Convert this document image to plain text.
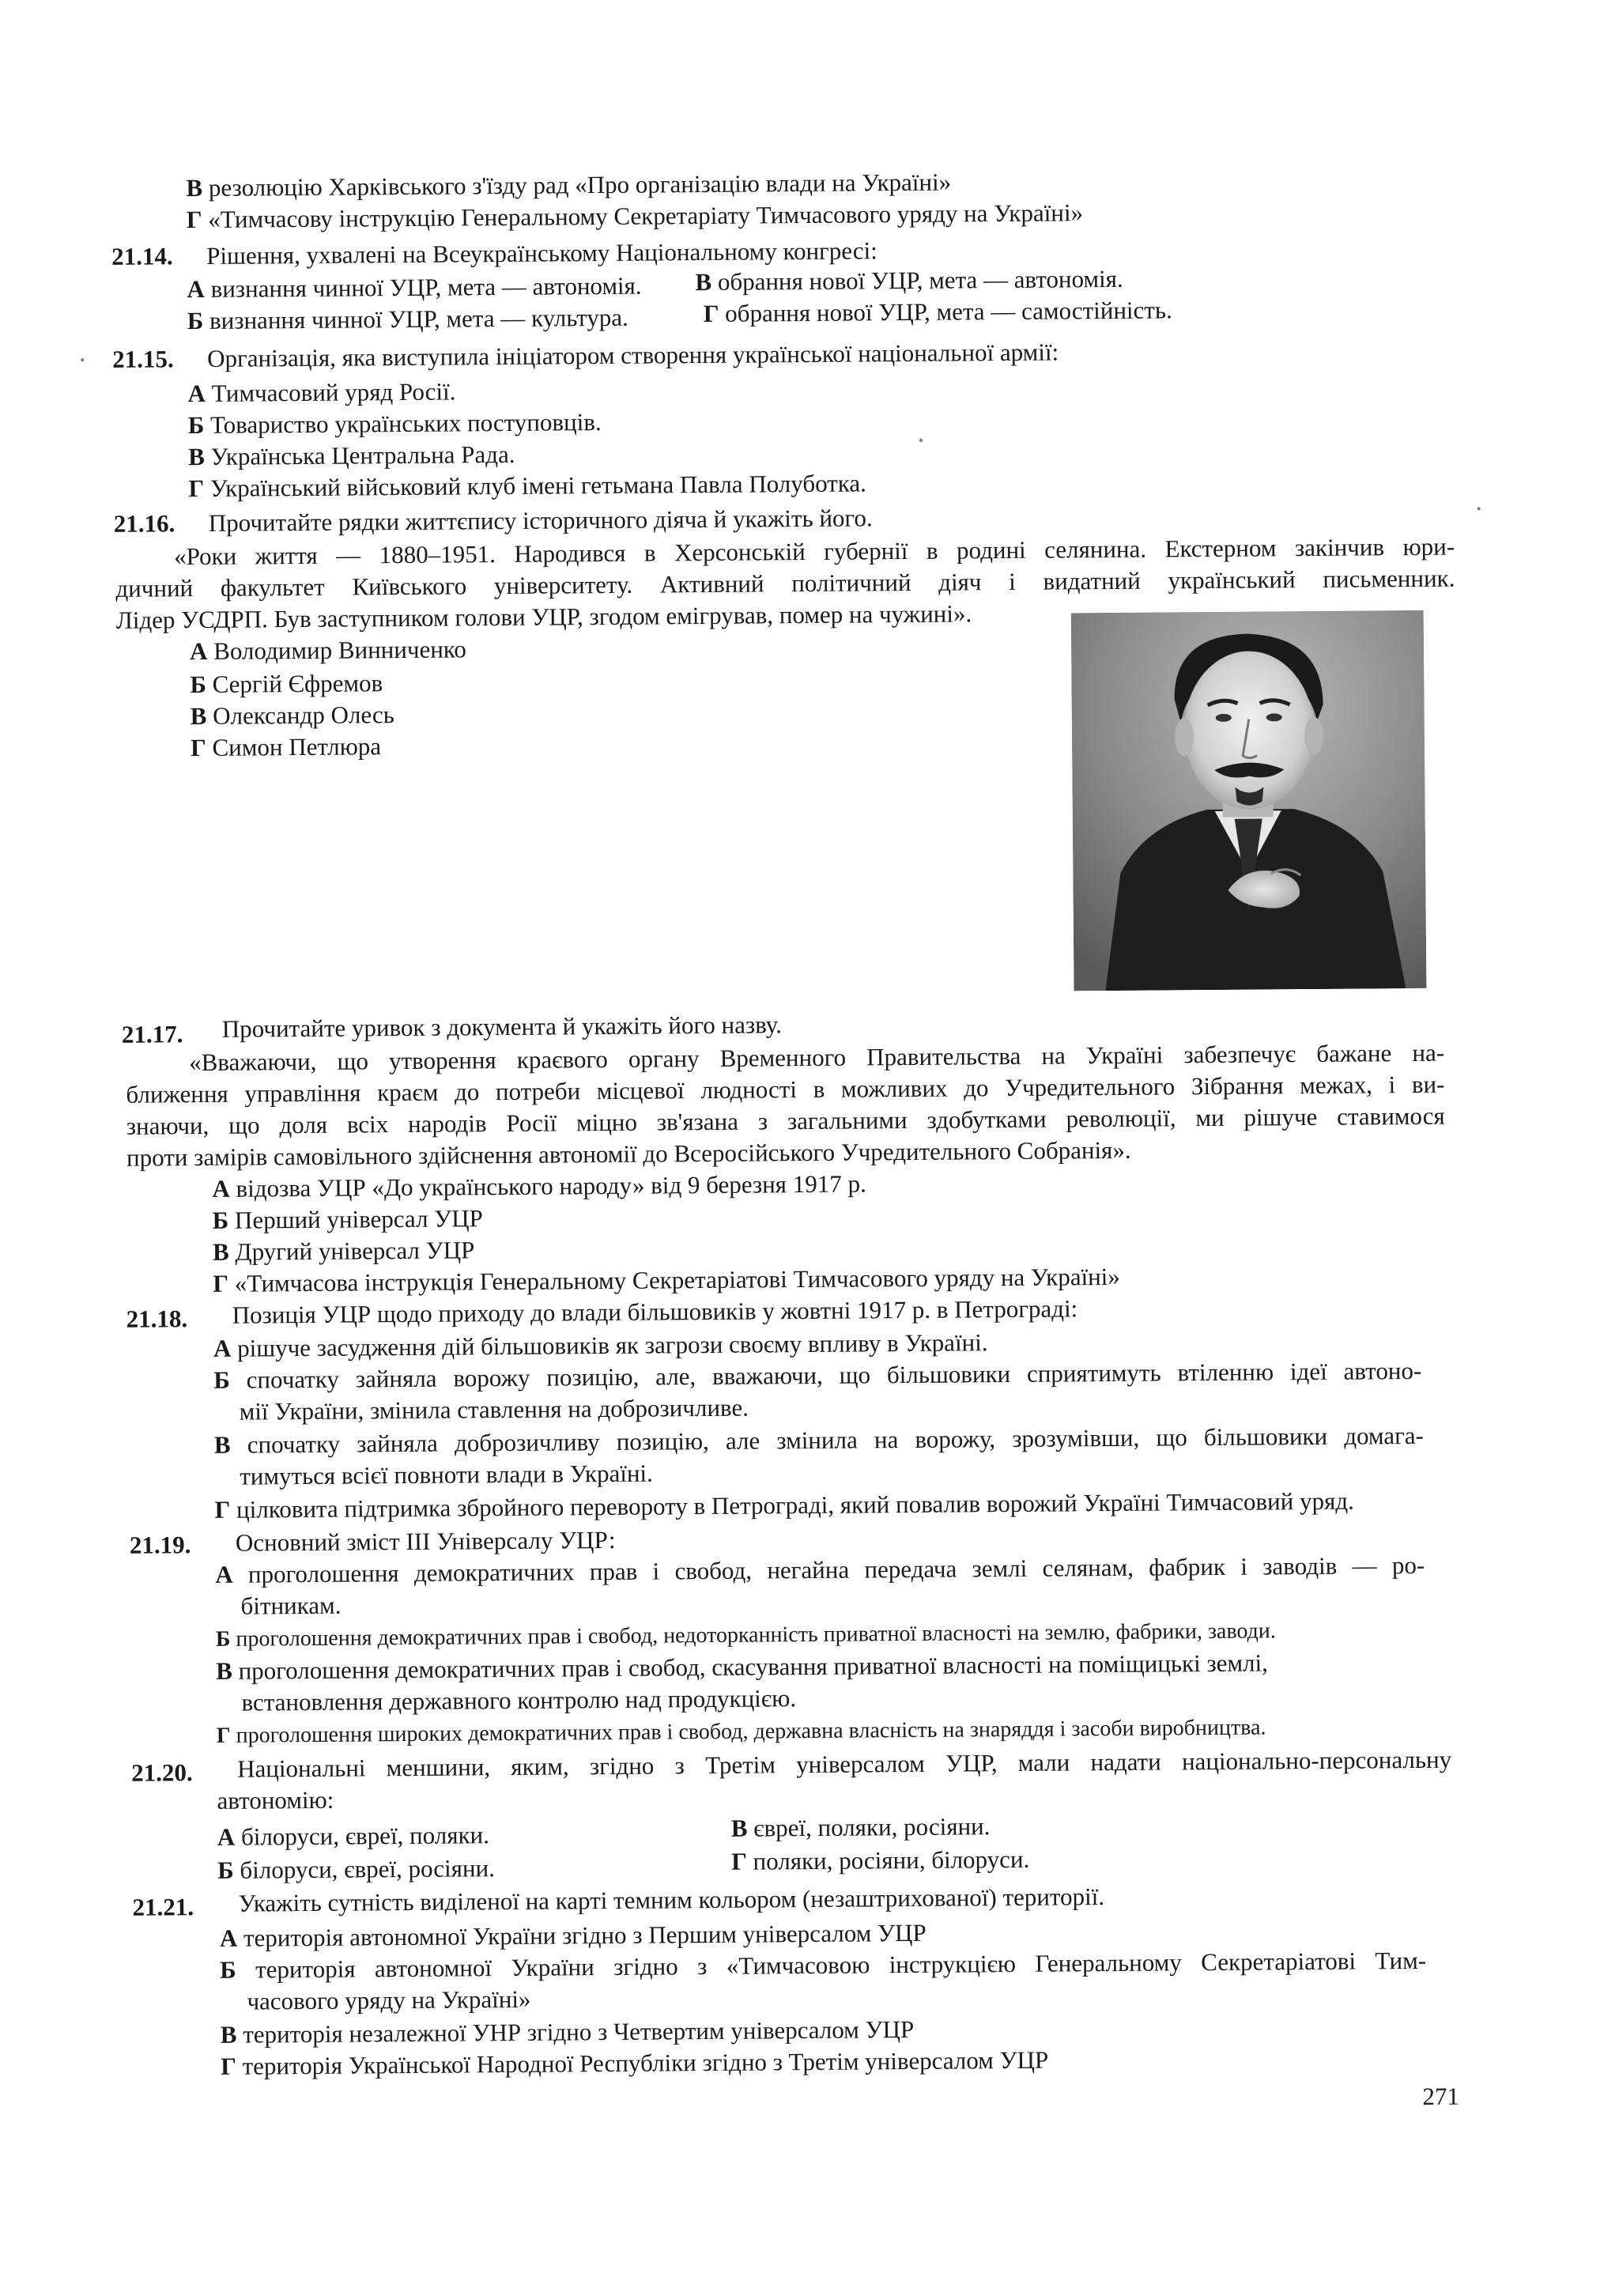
В резолюцію Харківського з'їзду рад «Про організацію влади на Україні»
Г «Тимчасову інструкцію Генеральному Секретаріату Тимчасового уряду на Україні»
21.14. Рішення, ухвалені на Всеукраїнському Національному конгресі:
А визнання чинної УЦР, мета — автономія. В обрання нової УЦР, мета — автономія.
Б визнання чинної УЦР, мета — культура.	Г обрання нової УЦР, мета — самостійність.
21.15. Організація, яка виступила ініціатором створення української національної армії:
А Тимчасовий уряд Росії.
Б Товариство українських поступовців.
В Українська Центральна Рада.
Г Український військовий клуб імені гетьмана Павла Полуботка.
21.16. Прочитайте рядки життєпису історичного діяча й укажіть його.
«Роки життя — 1880–1951. Народився в Херсонській губернії в родині селянина. Екстерном закінчив юри-
дичний факультет Київського університету. Активний політичний діяч і видатний український письменник.
Лідер УСДРП. Був заступником голови УЦР, згодом емігрував, помер на чужині».
А Володимир Винниченко
Б Сергій Єфремов
В Олександр Олесь
Г Симон Петлюра
21.17. Прочитайте уривок з документа й укажіть його назву.
«Вважаючи, що утворення краєвого органу Временного Правительства на Україні забезпечує бажане на-
ближення управління краєм до потреби місцевої людності в можливих до Учредительного Зібрання межах, і ви-
знаючи, що доля всіх народів Росії міцно зв'язана з загальними здобутками революції, ми рішуче ставимося
проти замірів самовільного здійснення автономії до Всеросійського Учредительного Собранія».
А відозва УЦР «До українського народу» від 9 березня 1917 р.
Б Перший універсал УЦР
В Другий універсал УЦР
Г «Тимчасова інструкція Генеральному Секретаріатові Тимчасового уряду на Україні»
21.18. Позиція УЦР щодо приходу до влади більшовиків у жовтні 1917 р. в Петрограді:
А рішуче засудження дій більшовиків як загрози своєму впливу в Україні.
Б спочатку зайняла ворожу позицію, але, вважаючи, що більшовики сприятимуть втіленню ідеї автоно-
мії України, змінила ставлення на доброзичливе.
В спочатку зайняла доброзичливу позицію, але змінила на ворожу, зрозумівши, що більшовики домага-
тимуться всієї повноти влади в Україні.
Г цілковита підтримка збройного перевороту в Петрограді, який повалив ворожий Україні Тимчасовий уряд.
21.19. Основний зміст III Універсалу УЦР:
А проголошення демократичних прав і свобод, негайна передача землі селянам, фабрик і заводів — ро-
бітникам.
Б проголошення демократичних прав і свобод, недоторканність приватної власності на землю, фабрики, заводи.
В проголошення демократичних прав і свобод, скасування приватної власності на поміщицькі землі,
встановлення державного контролю над продукцією.
Г проголошення широких демократичних прав і свобод, державна власність на знаряддя і засоби виробництва.
21.20. Національні меншини, яким, згідно з Третім універсалом УЦР, мали надати національно-персональну
автономію:
А білоруси, євреї, поляки.	В євреї, поляки, росіяни.
Б білоруси, євреї, росіяни.	Г поляки, росіяни, білоруси.
21.21. Укажіть сутність виділеної на карті темним кольором (незаштрихованої) території.
А територія автономної України згідно з Першим універсалом УЦР
Б територія автономної України згідно з «Тимчасовою інструкцією Генеральному Секретаріатові Тим-
часового уряду на Україні»
В територія незалежної УНР згідно з Четвертим універсалом УЦР
Г територія Української Народної Республіки згідно з Третім універсалом УЦР
271
